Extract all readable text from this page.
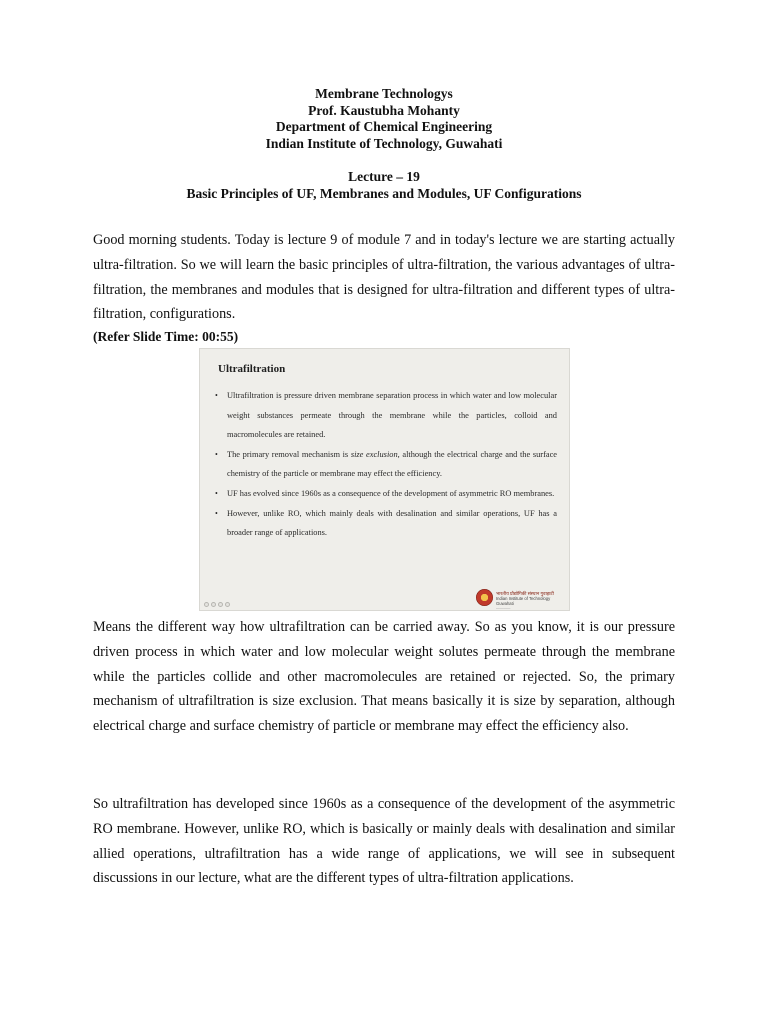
Membrane Technologys
Prof. Kaustubha Mohanty
Department of Chemical Engineering
Indian Institute of Technology, Guwahati
Lecture – 19
Basic Principles of UF, Membranes and Modules, UF Configurations

Good morning students. Today is lecture 9 of module 7 and in today's lecture we are starting actually ultra-filtration. So we will learn the basic principles of ultra-filtration, the various advantages of ultra-filtration, the membranes and modules that is designed for ultra-filtration and different types of ultra-filtration, configurations.

(Refer Slide Time: 00:55)
Ultrafiltration
• Ultrafiltration is pressure driven membrane separation process in which water and low molecular weight substances permeate through the membrane while the particles, colloid and macromolecules are retained.
• The primary removal mechanism is size exclusion, although the electrical charge and the surface chemistry of the particle or membrane may effect the efficiency.
• UF has evolved since 1960s as a consequence of the development of asymmetric RO membranes.
• However, unlike RO, which mainly deals with desalination and similar operations, UF has a broader range of applications.
भारतीय प्रौद्योगिकी संस्थान गुवाहाटी
Indian Institute of Technology Guwahati
————

Means the different way how ultrafiltration can be carried away. So as you know, it is our pressure driven process in which water and low molecular weight solutes permeate through the membrane while the particles collide and other macromolecules are retained or rejected. So, the primary mechanism of ultrafiltration is size exclusion. That means basically it is size by separation, although electrical charge and surface chemistry of particle or membrane may effect the efficiency also.

So ultrafiltration has developed since 1960s as a consequence of the development of the asymmetric RO membrane. However, unlike RO, which is basically or mainly deals with desalination and similar allied operations, ultrafiltration has a wide range of applications, we will see in subsequent discussions in our lecture, what are the different types of ultra-filtration applications.
